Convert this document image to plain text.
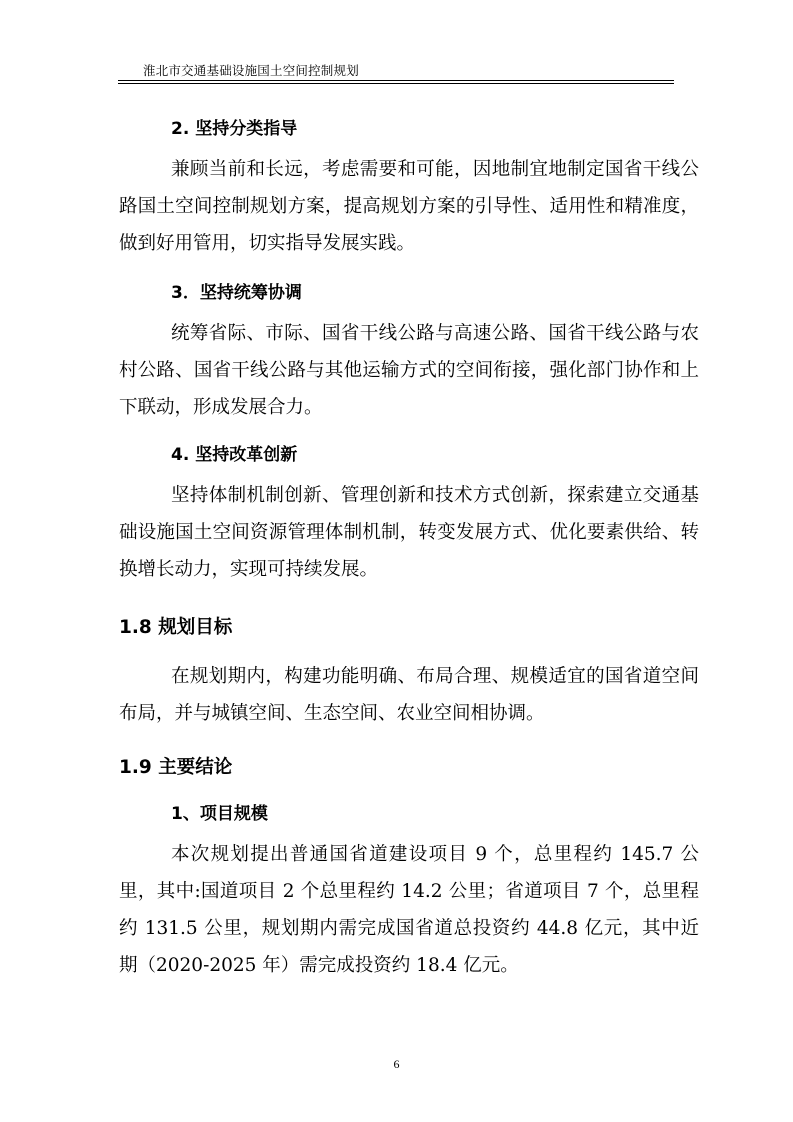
淮北市交通基础设施国土空间控制规划
2. 坚持分类指导
兼顾当前和长远，考虑需要和可能，因地制宜地制定国省干线公路国土空间控制规划方案，提高规划方案的引导性、适用性和精准度，做到好用管用，切实指导发展实践。
3．坚持统筹协调
统筹省际、市际、国省干线公路与高速公路、国省干线公路与农村公路、国省干线公路与其他运输方式的空间衔接，强化部门协作和上下联动，形成发展合力。
4. 坚持改革创新
坚持体制机制创新、管理创新和技术方式创新，探索建立交通基础设施国土空间资源管理体制机制，转变发展方式、优化要素供给、转换增长动力，实现可持续发展。
1.8 规划目标
在规划期内，构建功能明确、布局合理、规模适宜的国省道空间布局，并与城镇空间、生态空间、农业空间相协调。
1.9 主要结论
1、项目规模
本次规划提出普通国省道建设项目 9 个，总里程约 145.7 公里，其中:国道项目 2 个总里程约 14.2 公里；省道项目 7 个，总里程约 131.5 公里，规划期内需完成国省道总投资约 44.8 亿元，其中近期（2020-2025 年）需完成投资约 18.4 亿元。
6
